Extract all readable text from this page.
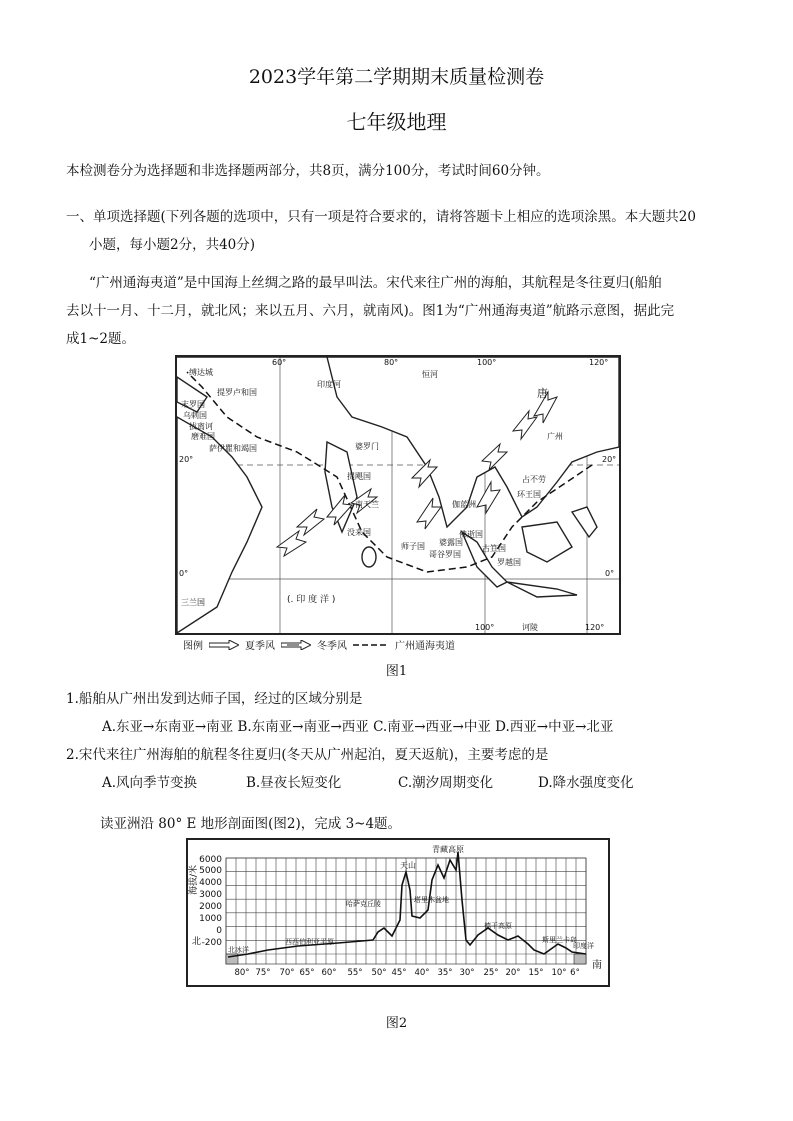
2023学年第二学期期末质量检测卷
七年级地理
本检测卷分为选择题和非选择题两部分，共8页，满分100分，考试时间60分钟。
一、单项选择题(下列各题的选项中，只有一项是符合要求的，请将答题卡上相应的选项涂黑。本大题共20
小题，每小题2分，共40分)
“广州通海夷道”是中国海上丝绸之路的最早叫法。宋代来往广州的海舶，其航程是冬往夏归(船舶
去以十一月、十二月，就北风；来以五月、六月，就南风)。图1为“广州通海夷道”航路示意图，据此完
成1~2题。
60°	80°	100°	120°
100°	120°
20°	20°
0°	0°
缚达城
提罗卢和国
末罗国
乌剌国
拔离诃
磨难国
萨伊瞿和竭国	婆罗门
唐
广州
提飓国
南天竺
没来国
师子国
哥谷罗国
古笪国
罗越国
婆露国
环王国
佛逝国
诃陵
印度河
恒河
三兰国	(. 印 度 洋 )
伽蓝洲
占不劳
图例	夏季风	冬季风	广州通海夷道
图1
1.船舶从广州出发到达师子国，经过的区域分别是
A.东亚→东南亚→南亚 B.东南亚→南亚→西亚 C.南亚→西亚→中亚 D.西亚→中亚→北亚
2.宋代来往广州海舶的航程冬往夏归(冬天从广州起泊，夏天返航)，主要考虑的是
A.风向季节变换	B.昼夜长短变化	C.潮汐周期变化	D.降水强度变化
读亚洲沿 80° E 地形剖面图(图2)，完成 3~4题。
6000
5000
4000
3000
2000
1000
0
-200
北
海拔/米
80° 75° 70° 65° 60° 55° 50° 45° 40° 35° 30° 25° 20° 15° 10° 6°
南
青藏高原
天山
塔里木盆地
哈萨克丘陵
西西伯利亚平原
北冰洋
德干高原
斯里兰卡岛
印度洋
图2
